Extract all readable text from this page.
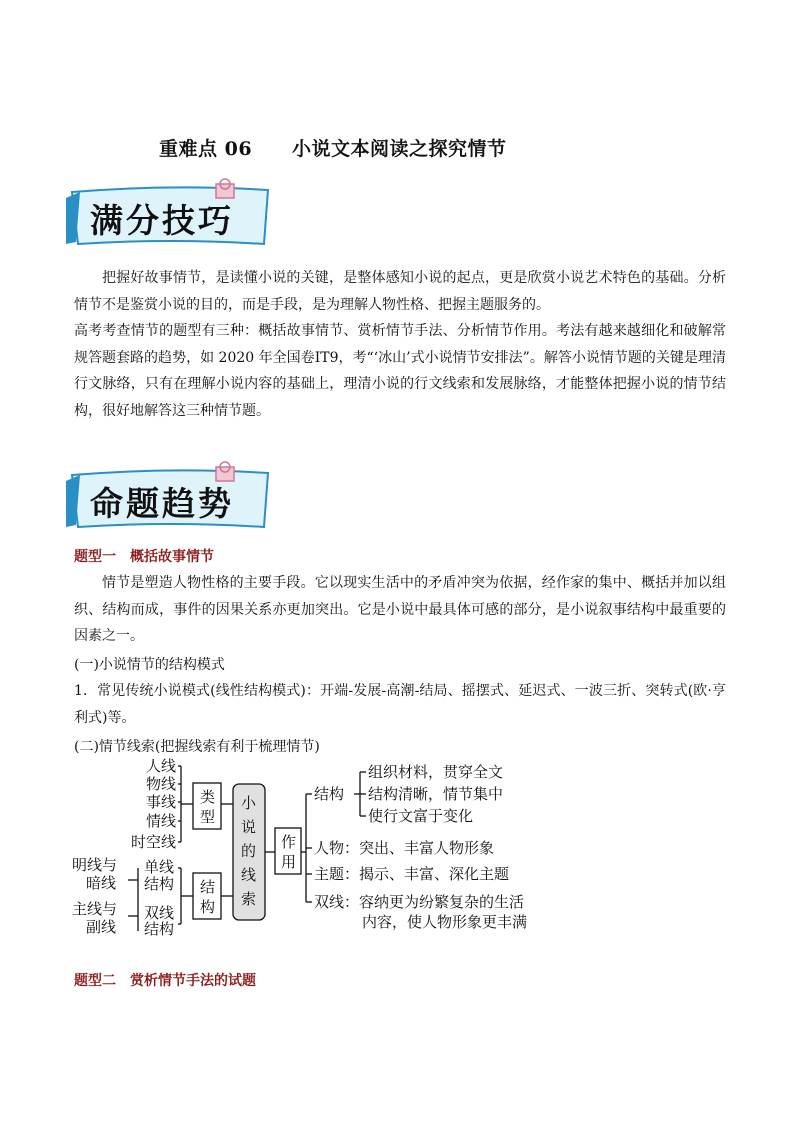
重难点 06 小说文本阅读之探究情节
满分技巧

把握好故事情节，是读懂小说的关键，是整体感知小说的起点，更是欣赏小说艺术特色的基础。分析情节不是鉴赏小说的目的，而是手段，是为理解人物性格、把握主题服务的。

高考考查情节的题型有三种：概括故事情节、赏析情节手法、分析情节作用。考法有越来越细化和破解常规答题套路的趋势，如 2020 年全国卷ⅠT9，考“‘冰山’式小说情节安排法”。解答小说情节题的关键是理清行文脉络，只有在理解小说内容的基础上，理清小说的行文线索和发展脉络，才能整体把握小说的情节结构，很好地解答这三种情节题。

命题趋势
题型一　概括故事情节

情节是塑造人物性格的主要手段。它以现实生活中的矛盾冲突为依据，经作家的集中、概括并加以组织、结构而成，事件的因果关系亦更加突出。它是小说中最具体可感的部分，是小说叙事结构中最重要的因素之一。

(一)小说情节的结构模式

1．常见传统小说模式(线性结构模式)：开端-发展-高潮-结局、摇摆式、延迟式、一波三折、突转式(欧·亨利式)等。

(二)情节线索(把握线索有利于梳理情节)
人线
物线
事线
情线
时空线
类
型
小
说
的
线
索
结
构
明线与
暗线
主线与
副线
单线
结构
双线
结构
作
用
结构
组织材料，贯穿全文
结构清晰，情节集中
使行文富于变化
人物：突出、丰富人物形象
主题：揭示、丰富、深化主题
双线：容纳更为纷繁复杂的生活
内容，使人物形象更丰满
题型二　赏析情节手法的试题
